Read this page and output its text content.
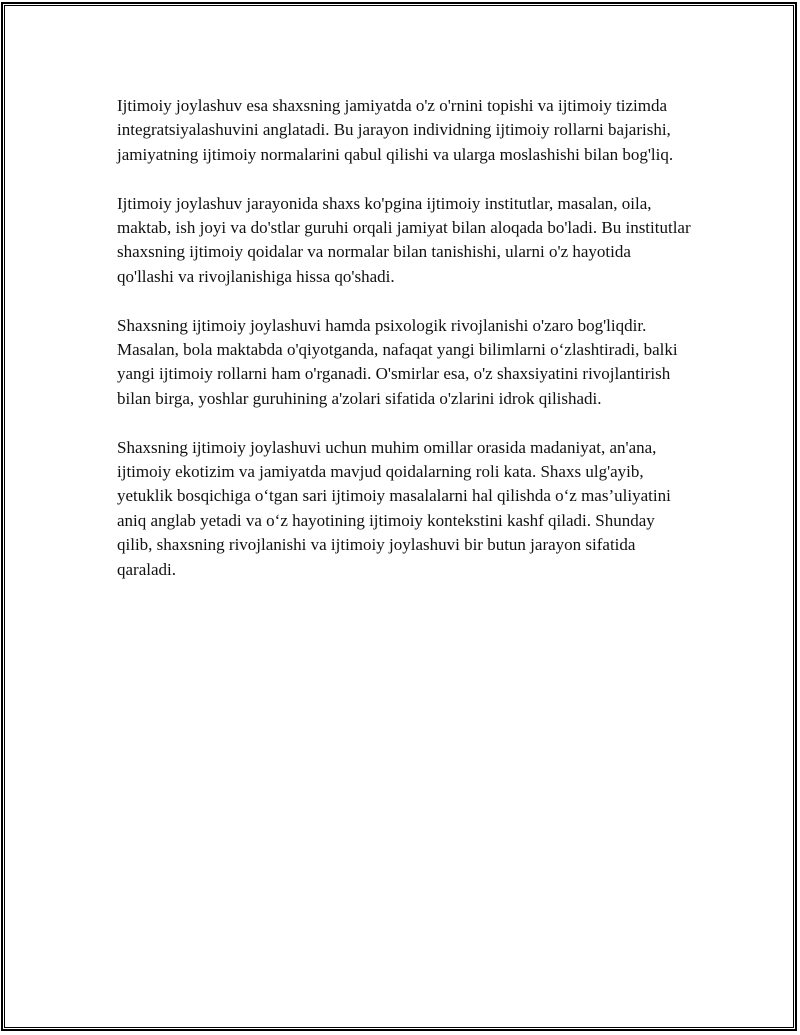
Ijtimoiy joylashuv esa shaxsning jamiyatda o'z o'rnini topishi va ijtimoiy tizimda integratsiyalashuvini anglatadi. Bu jarayon individning ijtimoiy rollarni bajarishi, jamiyatning ijtimoiy normalarini qabul qilishi va ularga moslashishi bilan bog'liq.

Ijtimoiy joylashuv jarayonida shaxs ko'pgina ijtimoiy institutlar, masalan, oila, maktab, ish joyi va do'stlar guruhi orqali jamiyat bilan aloqada bo'ladi. Bu institutlar shaxsning ijtimoiy qoidalar va normalar bilan tanishishi, ularni o'z hayotida qo'llashi va rivojlanishiga hissa qo'shadi.

Shaxsning ijtimoiy joylashuvi hamda psixologik rivojlanishi o'zaro bog'liqdir. Masalan, bola maktabda o'qiyotganda, nafaqat yangi bilimlarni o‘zlashtiradi, balki yangi ijtimoiy rollarni ham o'rganadi. O'smirlar esa, o'z shaxsiyatini rivojlantirish bilan birga, yoshlar guruhining a'zolari sifatida o'zlarini idrok qilishadi.

Shaxsning ijtimoiy joylashuvi uchun muhim omillar orasida madaniyat, an'ana, ijtimoiy ekotizim va jamiyatda mavjud qoidalarning roli kata. Shaxs ulg'ayib, yetuklik bosqichiga o‘tgan sari ijtimoiy masalalarni hal qilishda o‘z mas’uliyatini aniq anglab yetadi va o‘z hayotining ijtimoiy kontekstini kashf qiladi. Shunday qilib, shaxsning rivojlanishi va ijtimoiy joylashuvi bir butun jarayon sifatida qaraladi.
